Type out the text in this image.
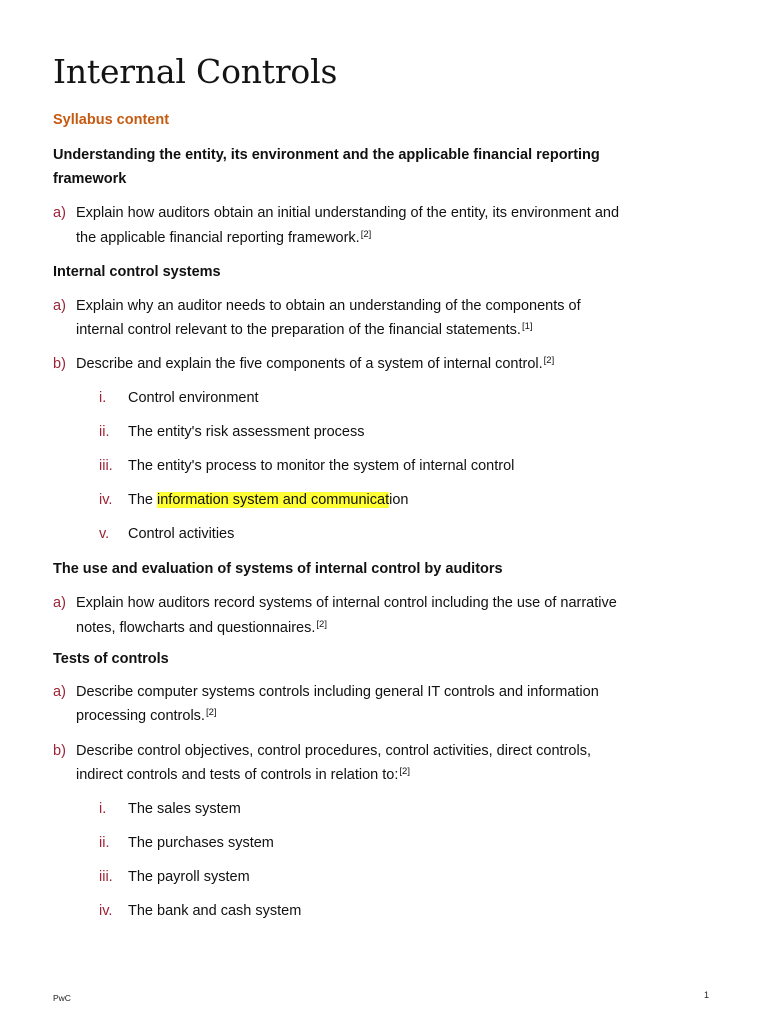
Internal Controls
Syllabus content
Understanding the entity, its environment and the applicable financial reporting
framework
a) Explain how auditors obtain an initial understanding of the entity, its environment and
the applicable financial reporting framework.[2]
Internal control systems
a) Explain why an auditor needs to obtain an understanding of the components of
internal control relevant to the preparation of the financial statements.[1]
b) Describe and explain the five components of a system of internal control.[2]
i. Control environment
ii. The entity's risk assessment process
iii. The entity's process to monitor the system of internal control
iv. The information system and communication
v. Control activities
The use and evaluation of systems of internal control by auditors
a) Explain how auditors record systems of internal control including the use of narrative
notes, flowcharts and questionnaires.[2]
Tests of controls
a) Describe computer systems controls including general IT controls and information
processing controls.[2]
b) Describe control objectives, control procedures, control activities, direct controls,
indirect controls and tests of controls in relation to:[2]
i. The sales system
ii. The purchases system
iii. The payroll system
iv. The bank and cash system
PwC	1
